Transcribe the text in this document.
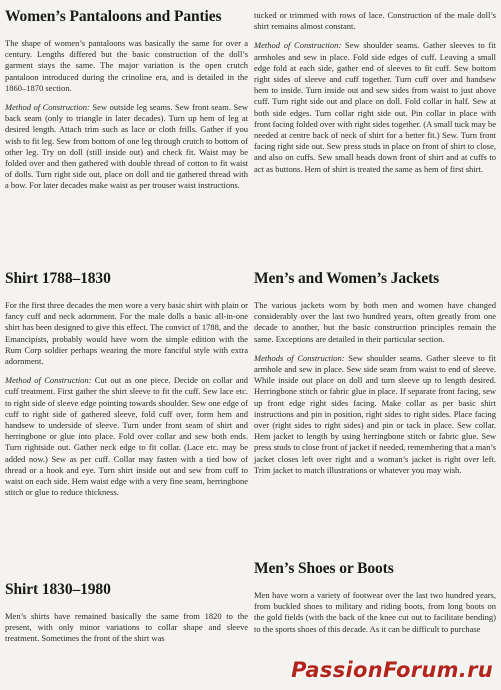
Women’s Pantaloons and Panties

The shape of women’s pantaloons was basically the same for over a century. Lengths differed but the basic construction of the doll’s garment stays the same. The major variation is the open crutch pantaloon introduced during the crinoline era, and is detailed in the 1860–1870 section.

Method of Construction: Sew outside leg seams. Sew front seam. Sew back seam (only to triangle in later decades). Turn up hem of leg at desired length. Attach trim such as lace or cloth frills. Gather if you wish to fit leg. Sew from bottom of one leg through crutch to bottom of other leg. Try on doll (still inside out) and check fit. Waist may be folded over and then gathered with double thread of cotton to fit waist of dolls. Turn right side out, place on doll and tie gathered thread with a bow. For later decades make waist as per trouser waist instructions.

Shirt 1788–1830

For the first three decades the men wore a very basic shirt with plain or fancy cuff and neck adornment. For the male dolls a basic all-in-one shirt has been designed to give this effect. The convict of 1788, and the Emancipists, probably would have worn the simple edition with the Rum Corp soldier perhaps wearing the more fanciful style with extra adornment.

Method of Construction: Cut out as one piece. Decide on collar and cuff treatment. First gather the shirt sleeve to fit the cuff. Sew lace etc. to right side of sleeve edge pointing towards shoulder. Sew one edge of cuff to right side of gathered sleeve, fold cuff over, form hem and handsew to underside of sleeve. Turn under front seam of shirt and herringbone or glue into place. Fold over collar and sew both ends. Turn rightside out. Gather neck edge to fit collar. (Lace etc. may be added now.) Sew as per cuff. Collar may fasten with a tied bow of thread or a hook and eye. Turn shirt inside out and sew from cuff to waist on each side. Hem waist edge with a very fine seam, herringbone stitch or glue to reduce thickness.

Shirt 1830–1980

Men’s shirts have remained basically the same from 1820 to the present, with only minor variations to collar shape and sleeve treatment. Sometimes the front of the shirt was

tucked or trimmed with rows of lace. Construction of the male doll’s shirt remains almost constant.

Method of Construction: Sew shoulder seams. Gather sleeves to fit armholes and sew in place. Fold side edges of cuff. Leaving a small edge fold at each side, gather end of sleeves to fit cuff. Sew bottom right sides of sleeve and cuff together. Turn cuff over and handsew hem to inside. Turn inside out and sew sides from waist to just above cuff. Turn right side out and place on doll. Fold collar in half. Sew at both side edges. Turn collar right side out. Pin collar in place with front facing folded over with right sides together. (A small tuck may be needed at centre back of neck of shirt for a better fit.) Sew. Turn front facing right side out. Sew press studs in place on front of shirt to close, and also on cuffs. Sew small beads down front of shirt and at cuffs to act as buttons. Hem of shirt is treated the same as hem of first shirt.

Men’s and Women’s Jackets

The various jackets worn by both men and women have changed considerably over the last two hundred years, often greatly from one decade to another, but the basic construction principles remain the same. Exceptions are detailed in their particular section.

Methods of Construction: Sew shoulder seams. Gather sleeve to fit armhole and sew in place. Sew side seam from waist to end of sleeve. While inside out place on doll and turn sleeve up to length desired. Herringbone stitch or fabric glue in place. If separate front facing, sew up front edge right sides facing. Make collar as per basic shirt instructions and pin in position, right sides to right sides. Place facing over (right sides to right sides) and pin or tack in place. Sew collar. Hem jacket to length by using herringbone stitch or fabric glue. Sew press studs to close front of jacket if needed, remembering that a man’s jacket closes left over right and a woman’s jacket is right over left. Trim jacket to match illustrations or whatever you may wish.

Men’s Shoes or Boots

Men have worn a variety of footwear over the last two hundred years, from buckled shoes to military and riding boots, from long boots on the gold fields (with the back of the knee cut out to facilitate bending) to the sports shoes of this decade. As it can be difficult to purchase

PassionForum.ru
